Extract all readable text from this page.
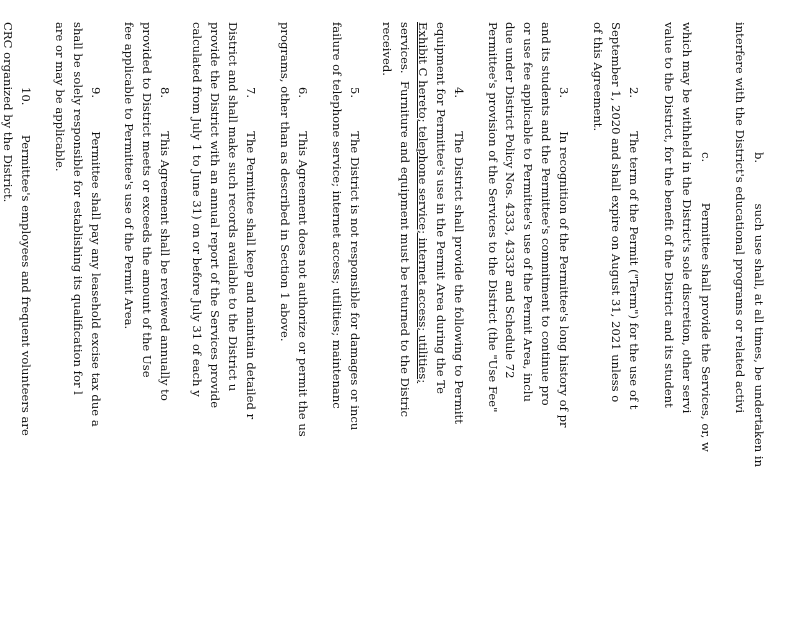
b.           such use shall, at all times, be undertaken in
interfere with the District's educational programs or related activi
c.           Permittee shall provide the Services, or, w
which may be withheld in the District's sole discretion, other servi
value to the District, for the benefit of the District and its student
2.         The term of the Permit ("Term") for the use of t
September 1, 2020 and shall expire on August 31, 2021 unless o
of this Agreement.
3.         In recognition of the Permittee's long history of pr
and its students and the Permittee's commitment to continue pro
or use fee applicable to Permittee's use of the Permit Area, inclu
due under District Policy Nos. 4333, 4333P and Schedule 72
Permittee's provision of the Services to the District (the "Use Fee"
4.         The District shall provide the following to Permitt
equipment for Permittee's use in the Permit Area during the Te
Exhibit C hereto; telephone service; internet access; utilities;
services.  Furniture and equipment must be returned to the Distric
received.
5.         The District is not responsible for damages or incu
failure of telephone service; internet access; utilities; maintenanc
6.         This Agreement does not authorize or permit the us
programs, other than as described in Section 1 above.
7.         The Permittee shall keep and maintain detailed r
District and shall make such records available to the District u
provide the District with an annual report of the Services provide
calculated from July 1 to June 31) on or before July 31 of each y
8.         This Agreement shall be reviewed annually to
provided to District meets or exceeds the amount of the Use
fee applicable to Permittee's use of the Permit Area.
9.         Permittee shall pay any leasehold excise tax due a
shall be solely responsible for establishing its qualification for l
are or may be applicable.
10.        Permittee's employees and frequent volunteers are
CRC organized by the District.
